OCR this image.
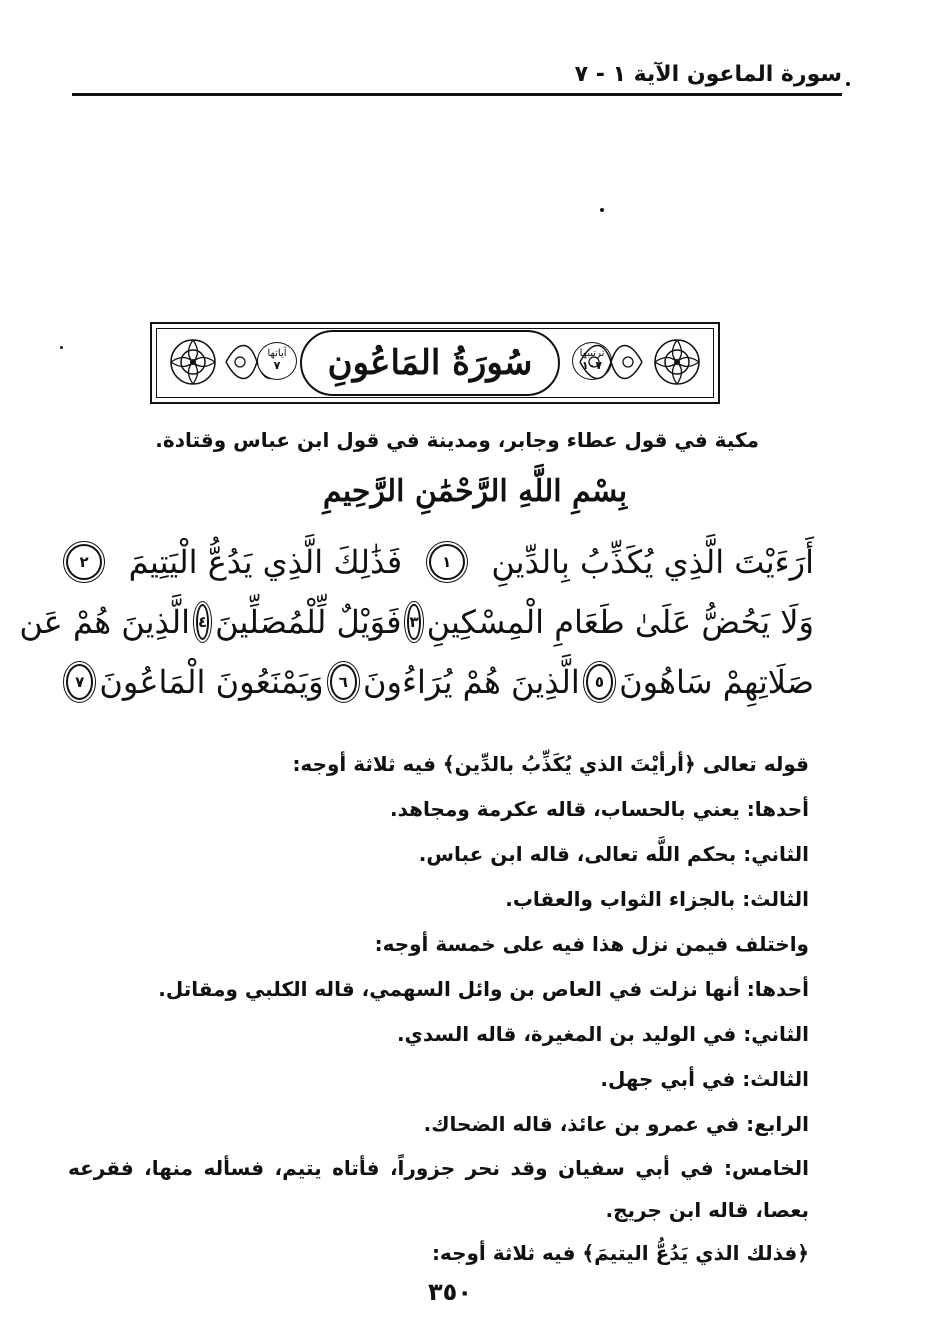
سورة الماعون الآية ١ - ٧
آياتها
٧	سُورَةُ المَاعُونِ	ترتيبها
١٠٧
مكية في قول عطاء وجابر، ومدينة في قول ابن عباس وقتادة.
بِسْمِ اللَّهِ الرَّحْمَٰنِ الرَّحِيمِ
أَرَءَيْتَ الَّذِي يُكَذِّبُ بِالدِّينِ
١
فَذَٰلِكَ الَّذِي يَدُعُّ الْيَتِيمَ
٢
وَلَا يَحُضُّ عَلَىٰ طَعَامِ الْمِسْكِينِ
٣
فَوَيْلٌ لِّلْمُصَلِّينَ
٤
الَّذِينَ هُمْ عَن
صَلَاتِهِمْ سَاهُونَ
٥
الَّذِينَ هُمْ يُرَاءُونَ
٦
وَيَمْنَعُونَ الْمَاعُونَ
٧
قوله تعالى ﴿أرأيْتَ الذي يُكَذِّبُ بالدِّين﴾ فيه ثلاثة أوجه:
أحدها: يعني بالحساب، قاله عكرمة ومجاهد.
الثاني: بحكم اللَّه تعالى، قاله ابن عباس.
الثالث: بالجزاء الثواب والعقاب.
واختلف فيمن نزل هذا فيه على خمسة أوجه:
أحدها: أنها نزلت في العاص بن وائل السهمي، قاله الكلبي ومقاتل.
الثاني: في الوليد بن المغيرة، قاله السدي.
الثالث: في أبي جهل.
الرابع: في عمرو بن عائذ، قاله الضحاك.
الخامس: في أبي سفيان وقد نحر جزوراً، فأتاه يتيم، فسأله منها، فقرعه بعصا، قاله ابن جريج.
﴿فذلك الذي يَدُعُّ اليتيمَ﴾ فيه ثلاثة أوجه:
٣٥٠
